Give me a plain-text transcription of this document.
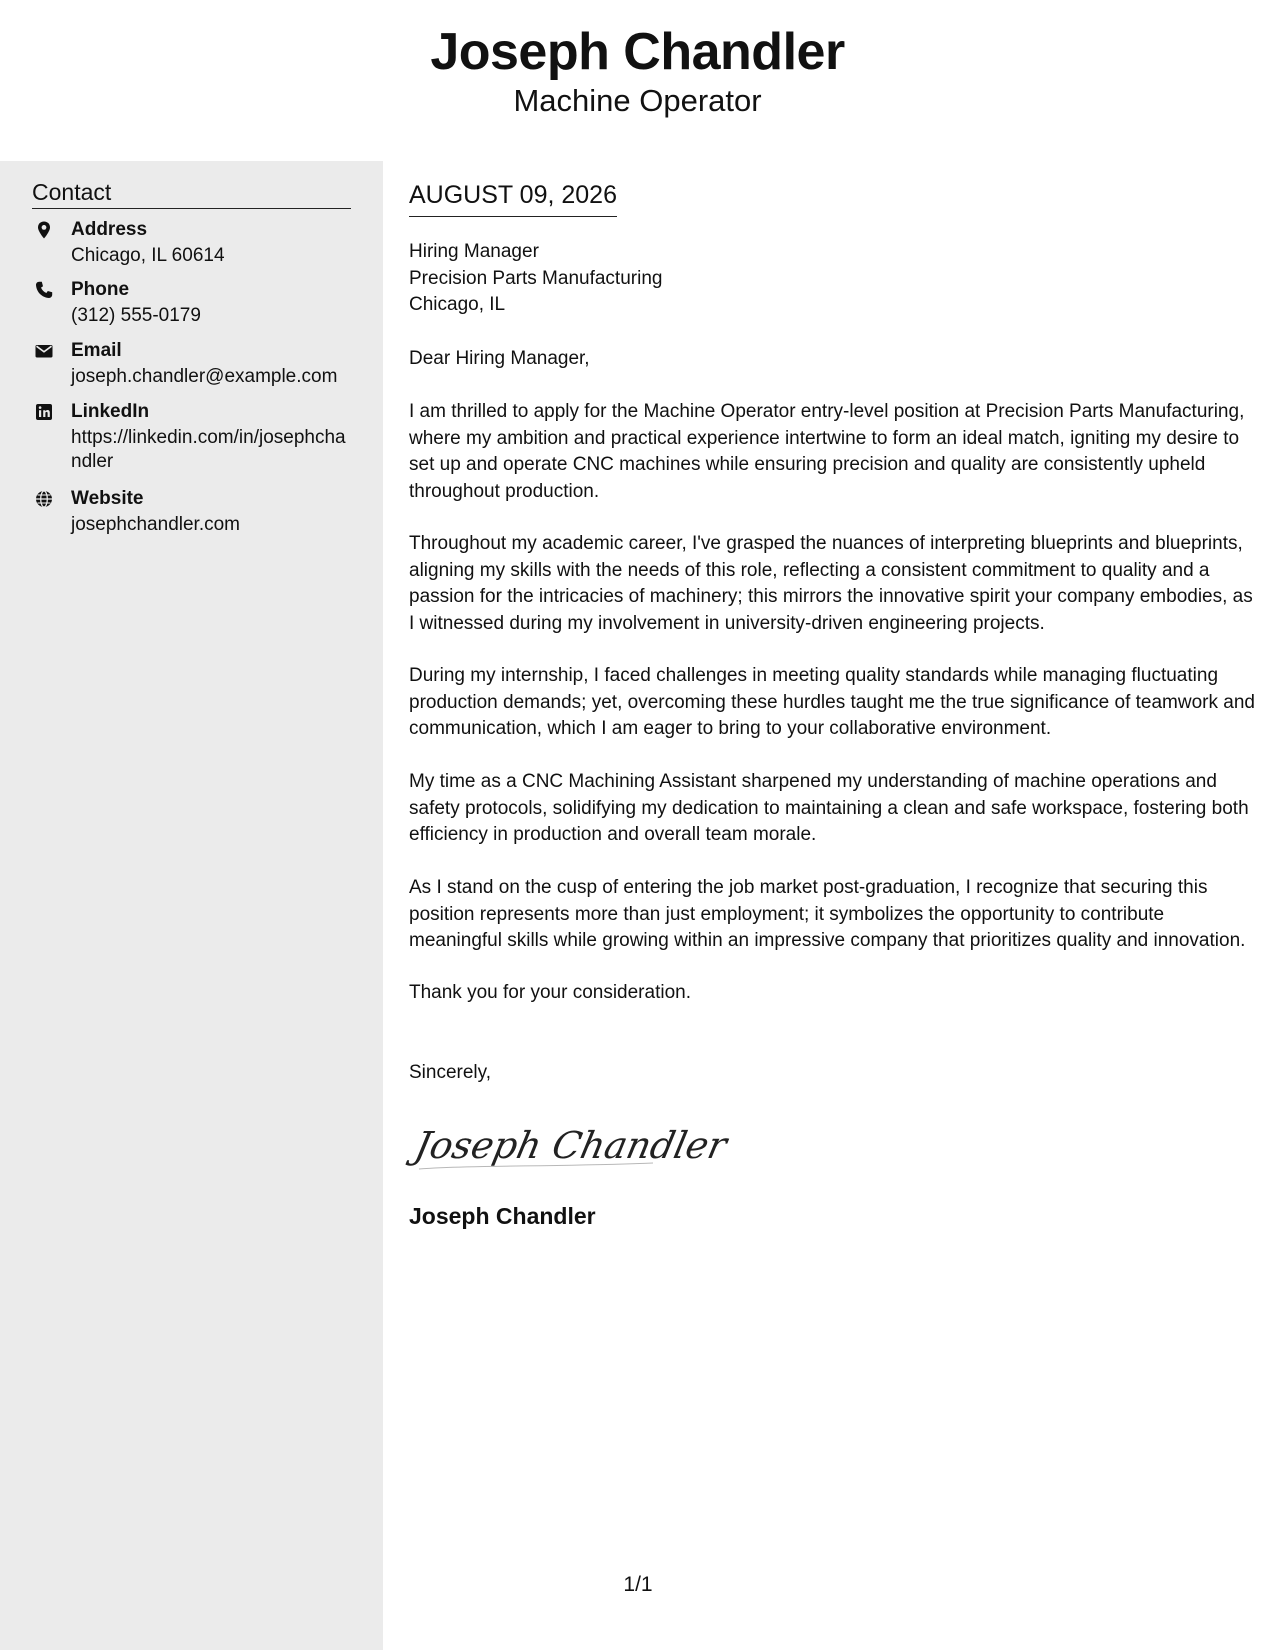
Joseph Chandler
Machine Operator
Contact
Address
Chicago, IL 60614
Phone
(312) 555-0179
Email
joseph.chandler@example.com
LinkedIn
https://linkedin.com/in/josephchandler
Website
josephchandler.com
AUGUST 09, 2026
Hiring Manager
Precision Parts Manufacturing
Chicago, IL
Dear Hiring Manager,
I am thrilled to apply for the Machine Operator entry-level position at Precision Parts Manufacturing, where my ambition and practical experience intertwine to form an ideal match, igniting my desire to set up and operate CNC machines while ensuring precision and quality are consistently upheld throughout production.
Throughout my academic career, I've grasped the nuances of interpreting blueprints and blueprints, aligning my skills with the needs of this role, reflecting a consistent commitment to quality and a passion for the intricacies of machinery; this mirrors the innovative spirit your company embodies, as I witnessed during my involvement in university-driven engineering projects.
During my internship, I faced challenges in meeting quality standards while managing fluctuating production demands; yet, overcoming these hurdles taught me the true significance of teamwork and communication, which I am eager to bring to your collaborative environment.
My time as a CNC Machining Assistant sharpened my understanding of machine operations and safety protocols, solidifying my dedication to maintaining a clean and safe workspace, fostering both efficiency in production and overall team morale.
As I stand on the cusp of entering the job market post-graduation, I recognize that securing this position represents more than just employment; it symbolizes the opportunity to contribute meaningful skills while growing within an impressive company that prioritizes quality and innovation.
Thank you for your consideration.
Sincerely,
Joseph Chandler
Joseph Chandler
1/1
